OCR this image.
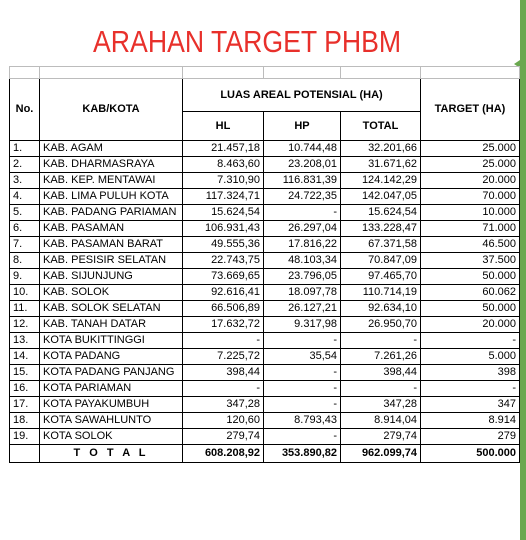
ARAHAN TARGET PHBM

No.	KAB/KOTA	LUAS AREAL POTENSIAL (HA)			TARGET (HA)
		HL	HP	TOTAL	
1.	KAB. AGAM	21.457,18	10.744,48	32.201,66	25.000
2.	KAB. DHARMASRAYA	8.463,60	23.208,01	31.671,62	25.000
3.	KAB. KEP. MENTAWAI	7.310,90	116.831,39	124.142,29	20.000
4.	KAB. LIMA PULUH KOTA	117.324,71	24.722,35	142.047,05	70.000
5.	KAB. PADANG PARIAMAN	15.624,54	-	15.624,54	10.000
6.	KAB. PASAMAN	106.931,43	26.297,04	133.228,47	71.000
7.	KAB. PASAMAN BARAT	49.555,36	17.816,22	67.371,58	46.500
8.	KAB. PESISIR SELATAN	22.743,75	48.103,34	70.847,09	37.500
9.	KAB. SIJUNJUNG	73.669,65	23.796,05	97.465,70	50.000
10.	KAB. SOLOK	92.616,41	18.097,78	110.714,19	60.062
11.	KAB. SOLOK SELATAN	66.506,89	26.127,21	92.634,10	50.000
12.	KAB. TANAH DATAR	17.632,72	9.317,98	26.950,70	20.000
13.	KOTA BUKITTINGGI	-	-	-	-
14.	KOTA PADANG	7.225,72	35,54	7.261,26	5.000
15.	KOTA PADANG PANJANG	398,44	-	398,44	398
16.	KOTA PARIAMAN	-	-	-	-
17.	KOTA PAYAKUMBUH	347,28	-	347,28	347
18.	KOTA SAWAHLUNTO	120,60	8.793,43	8.914,04	8.914
19.	KOTA SOLOK	279,74	-	279,74	279
	T O T A L	608.208,92	353.890,82	962.099,74	500.000
